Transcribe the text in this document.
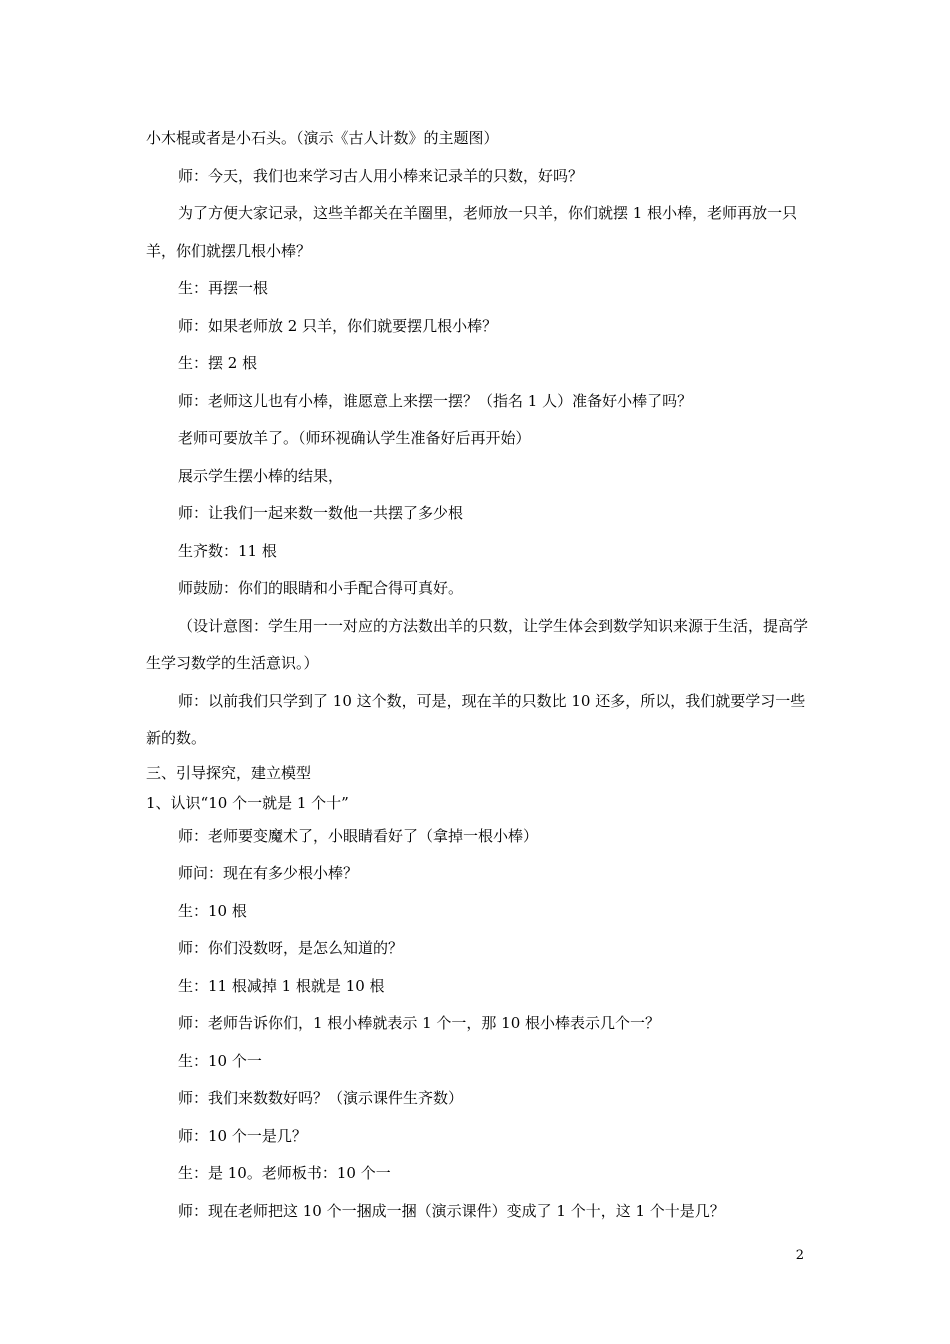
小木棍或者是小石头。（演示《古人计数》的主题图）

师：今天，我们也来学习古人用小棒来记录羊的只数，好吗？

为了方便大家记录，这些羊都关在羊圈里，老师放一只羊，你们就摆 1 根小棒，老师再放一只羊，你们就摆几根小棒？

生：再摆一根

师：如果老师放 2 只羊，你们就要摆几根小棒？

生：摆 2 根

师：老师这儿也有小棒，谁愿意上来摆一摆？（指名 1 人）准备好小棒了吗？

老师可要放羊了。（师环视确认学生准备好后再开始）

展示学生摆小棒的结果，

师：让我们一起来数一数他一共摆了多少根

生齐数：11 根

师鼓励：你们的眼睛和小手配合得可真好。

（设计意图：学生用一一对应的方法数出羊的只数，让学生体会到数学知识来源于生活，提高学生学习数学的生活意识。）

师：以前我们只学到了 10 这个数，可是，现在羊的只数比 10 还多，所以，我们就要学习一些新的数。

三、引导探究，建立模型

1、认识“10 个一就是 1 个十”

师：老师要变魔术了，小眼睛看好了（拿掉一根小棒）

师问：现在有多少根小棒？

生：10 根

师：你们没数呀，是怎么知道的？

生：11 根减掉 1 根就是 10 根

师：老师告诉你们，1 根小棒就表示 1 个一，那 10 根小棒表示几个一？

生：10 个一

师：我们来数数好吗？（演示课件生齐数）

师：10 个一是几？

生：是 10。老师板书：10 个一

师：现在老师把这 10 个一捆成一捆（演示课件）变成了 1 个十，这 1 个十是几？

2
